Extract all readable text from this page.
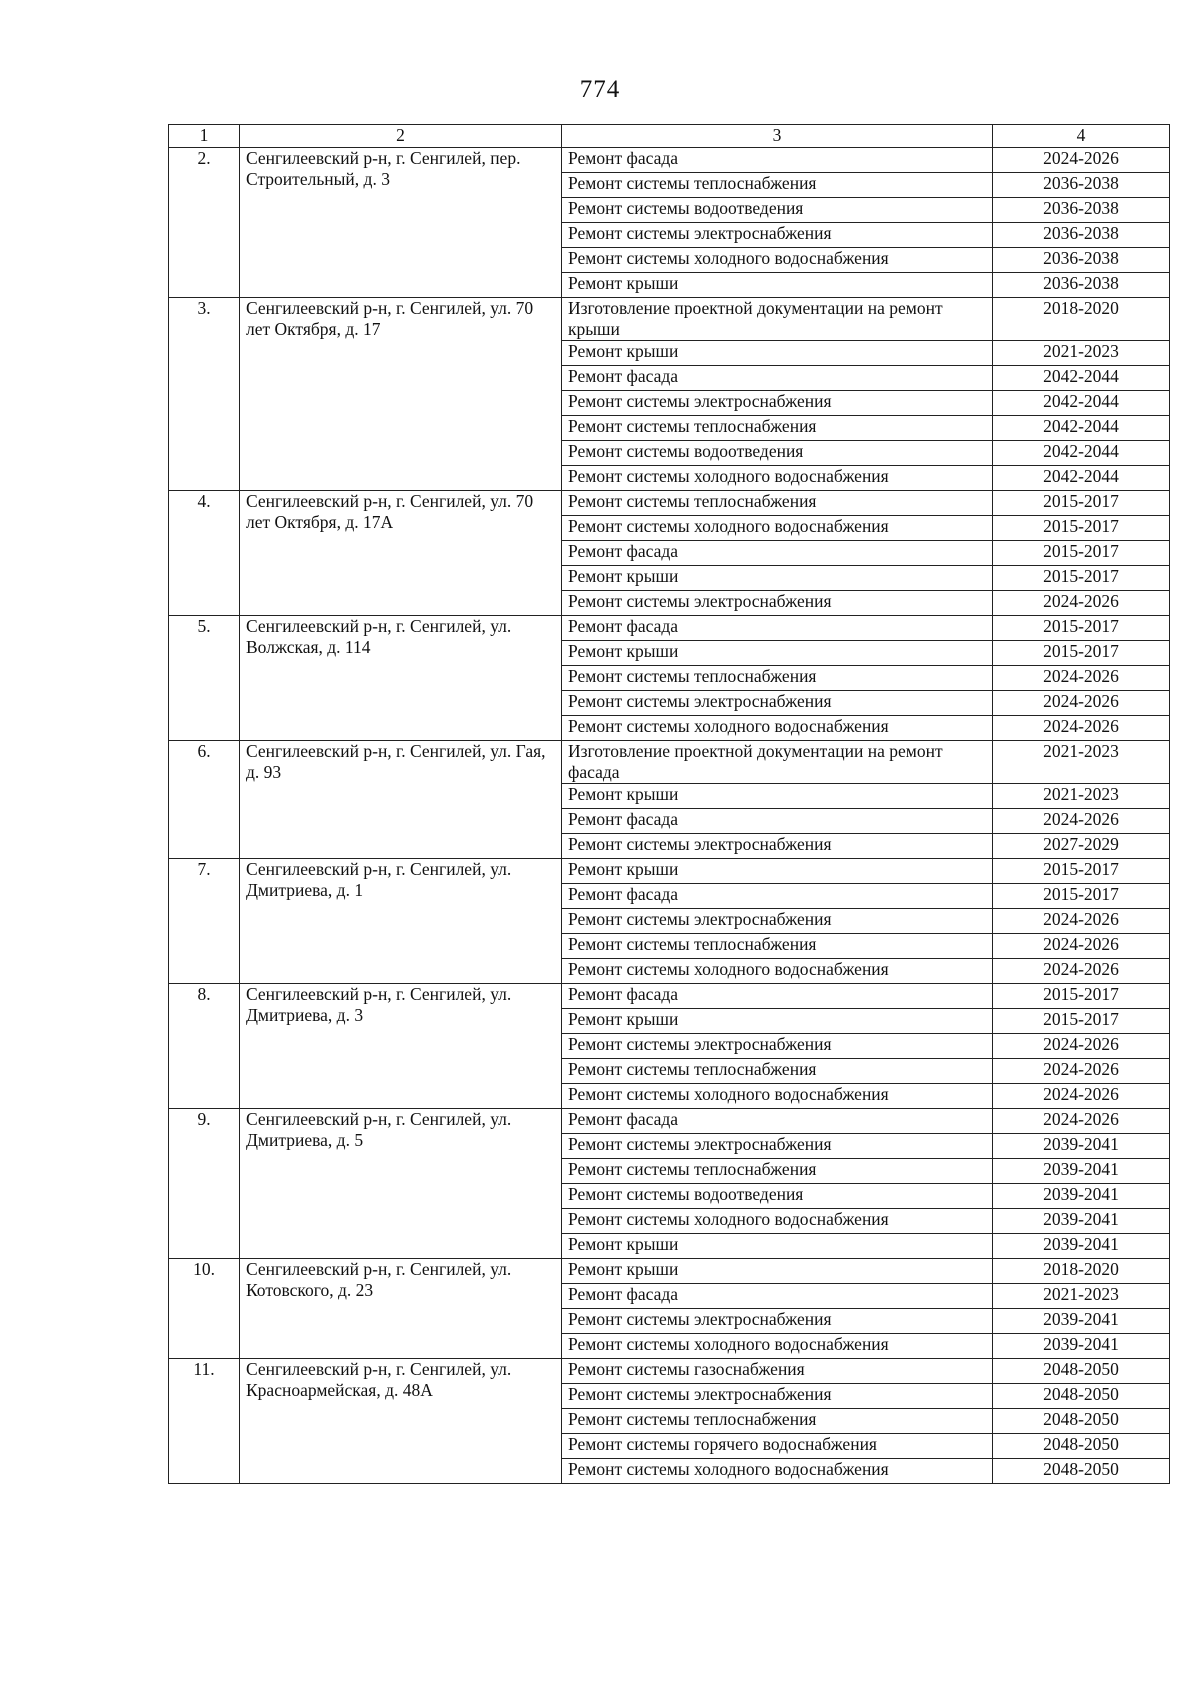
774
1	2	3	4
2.	Сенгилеевский р-н, г. Сенгилей, пер. Строительный, д. 3	Ремонт фасада	2024-2026
		Ремонт системы теплоснабжения	2036-2038
		Ремонт системы водоотведения	2036-2038
		Ремонт системы электроснабжения	2036-2038
		Ремонт системы холодного водоснабжения	2036-2038
		Ремонт крыши	2036-2038
3.	Сенгилеевский р-н, г. Сенгилей, ул. 70 лет Октября, д. 17	Изготовление проектной документации на ремонт крыши	2018-2020
		Ремонт крыши	2021-2023
		Ремонт фасада	2042-2044
		Ремонт системы электроснабжения	2042-2044
		Ремонт системы теплоснабжения	2042-2044
		Ремонт системы водоотведения	2042-2044
		Ремонт системы холодного водоснабжения	2042-2044
4.	Сенгилеевский р-н, г. Сенгилей, ул. 70 лет Октября, д. 17А	Ремонт системы теплоснабжения	2015-2017
		Ремонт системы холодного водоснабжения	2015-2017
		Ремонт фасада	2015-2017
		Ремонт крыши	2015-2017
		Ремонт системы электроснабжения	2024-2026
5.	Сенгилеевский р-н, г. Сенгилей, ул. Волжская, д. 114	Ремонт фасада	2015-2017
		Ремонт крыши	2015-2017
		Ремонт системы теплоснабжения	2024-2026
		Ремонт системы электроснабжения	2024-2026
		Ремонт системы холодного водоснабжения	2024-2026
6.	Сенгилеевский р-н, г. Сенгилей, ул. Гая, д. 93	Изготовление проектной документации на ремонт фасада	2021-2023
		Ремонт крыши	2021-2023
		Ремонт фасада	2024-2026
		Ремонт системы электроснабжения	2027-2029
7.	Сенгилеевский р-н, г. Сенгилей, ул. Дмитриева, д. 1	Ремонт крыши	2015-2017
		Ремонт фасада	2015-2017
		Ремонт системы электроснабжения	2024-2026
		Ремонт системы теплоснабжения	2024-2026
		Ремонт системы холодного водоснабжения	2024-2026
8.	Сенгилеевский р-н, г. Сенгилей, ул. Дмитриева, д. 3	Ремонт фасада	2015-2017
		Ремонт крыши	2015-2017
		Ремонт системы электроснабжения	2024-2026
		Ремонт системы теплоснабжения	2024-2026
		Ремонт системы холодного водоснабжения	2024-2026
9.	Сенгилеевский р-н, г. Сенгилей, ул. Дмитриева, д. 5	Ремонт фасада	2024-2026
		Ремонт системы электроснабжения	2039-2041
		Ремонт системы теплоснабжения	2039-2041
		Ремонт системы водоотведения	2039-2041
		Ремонт системы холодного водоснабжения	2039-2041
		Ремонт крыши	2039-2041
10.	Сенгилеевский р-н, г. Сенгилей, ул. Котовского, д. 23	Ремонт крыши	2018-2020
		Ремонт фасада	2021-2023
		Ремонт системы электроснабжения	2039-2041
		Ремонт системы холодного водоснабжения	2039-2041
11.	Сенгилеевский р-н, г. Сенгилей, ул. Красноармейская, д. 48А	Ремонт системы газоснабжения	2048-2050
		Ремонт системы электроснабжения	2048-2050
		Ремонт системы теплоснабжения	2048-2050
		Ремонт системы горячего водоснабжения	2048-2050
		Ремонт системы холодного водоснабжения	2048-2050
